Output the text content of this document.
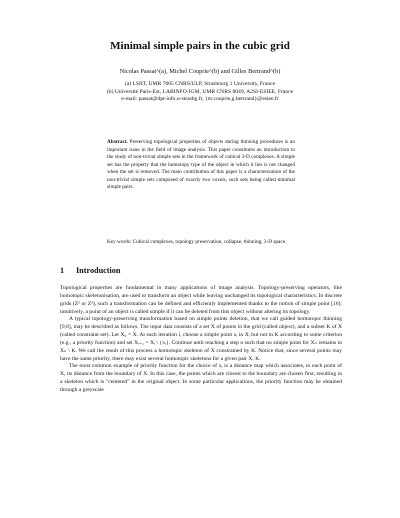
Minimal simple pairs in the cubic grid
Nicolas Passat^(a), Michel Couprie^(b) and Gilles Bertrand^(b)
(a) LSIIT, UMR 7005 CNRS/ULP, Strasbourg 1 University, France
(b) Université Paris-Est, LABINFO-IGM, UMR CNRS 8049, A2SI-ESIEE, France
e-mail: passat@dpt-info.u-strasbg.fr, {m.couprie,g.bertrand}@esiee.fr
Abstract. Preserving topological properties of objects during thinning procedures is an important issue in the field of image analysis. This paper constitutes an introduction to the study of non-trivial simple sets in the framework of cubical 3-D complexes. A simple set has the property that the homotopy type of the object in which it lies is not changed when the set is removed. The main contribution of this paper is a characterisation of the non-trivial simple sets composed of exactly two voxels, such sets being called minimal simple pairs.
Key words: Cubical complexes, topology preservation, collapse, thinning, 3-D space.
1 Introduction

Topological properties are fundamental in many applications of image analysis. Topology-preserving operators, like homotopic skeletonisation, are used to transform an object while leaving unchanged its topological characteristics. In discrete grids (Z² or Z³), such a transformation can be defined and efficiently implemented thanks to the notion of simple point [16]: intuitively, a point of an object is called simple if it can be deleted from this object without altering its topology.

A typical topology-preserving transformation based on simple points deletion, that we call guided homotopic thinning [9,8], may be described as follows. The input data consists of a set X of points in the grid (called object), and a subset K of X (called constraint set). Let X₀ = X. At each iteration i, choose a simple point xᵢ in Xᵢ but not in K according to some criterion (e.g., a priority function) and set Xᵢ₊₁ = Xᵢ \ {xᵢ}. Continue until reaching a step n such that no simple point for Xₙ remains in Xₙ \ K. We call the result of this process a homotopic skeleton of X constrained by K. Notice that, since several points may have the same priority, there may exist several homotopic skeletons for a given pair X, K.

The most common example of priority function for the choice of xᵢ is a distance map which associates, to each point of X, its distance from the boundary of X. In this case, the points which are closest to the boundary are chosen first, resulting in a skeleton which is "centered" in the original object. In some particular applications, the priority function may be obtained through a greyscale
